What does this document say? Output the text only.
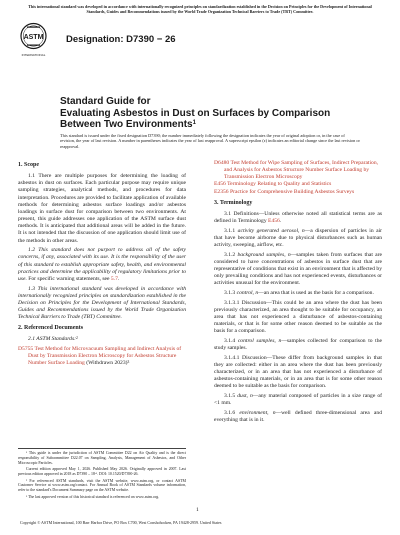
This international standard was developed in accordance with internationally recognized principles on standardization established in the Decision on Principles for the Development of International Standards, Guides and Recommendations issued by the World Trade Organization Technical Barriers to Trade (TBT) Committee.
ASTM
INTERNATIONAL
Designation: D7390 − 26
Standard Guide for
Evaluating Asbestos in Dust on Surfaces by Comparison
Between Two Environments$^1$
This standard is issued under the fixed designation D7390; the number immediately following the designation indicates the year of original adoption or, in the case of revision, the year of last revision. A number in parentheses indicates the year of last reapproval. A superscript epsilon (ε) indicates an editorial change since the last revision or reapproval.
1. Scope

1.1 There are multiple purposes for determining the loading of asbestos in dust on surfaces. Each particular purpose may require unique sampling strategies, analytical methods, and procedures for data interpretation. Procedures are provided to facilitate application of available methods for determining asbestos surface loadings and/or asbestos loadings in surface dust for comparison between two environments. At present, this guide addresses one application of the ASTM surface dust methods. It is anticipated that additional areas will be added in the future. It is not intended that the discussion of one application should limit use of the methods in other areas.

1.2 This standard does not purport to address all of the safety concerns, if any, associated with its use. It is the responsibility of the user of this standard to establish appropriate safety, health, and environmental practices and determine the applicability of regulatory limitations prior to use. For specific warning statements, see 5.7.

1.3 This international standard was developed in accordance with internationally recognized principles on standardization established in the Decision on Principles for the Development of International Standards, Guides and Recommendations issued by the World Trade Organization Technical Barriers to Trade (TBT) Committee.

2. Referenced Documents

2.1 ASTM Standards:$^2$

D5755 Test Method for Microvacuum Sampling and Indirect Analysis of Dust by Transmission Electron Microscopy for Asbestos Structure Number Surface Loading (Withdrawn 2023)$^3$

D6480 Test Method for Wipe Sampling of Surfaces, Indirect Preparation, and Analysis for Asbestos Structure Number Surface Loading by Transmission Electron Microscopy

E456 Terminology Relating to Quality and Statistics

E2356 Practice for Comprehensive Building Asbestos Surveys

3. Terminology

3.1 Definitions—Unless otherwise noted all statistical terms are as defined in Terminology E456.

3.1.1 activity generated aerosol, n—a dispersion of particles in air that have become airborne due to physical disturbances such as human activity, sweeping, airflow, etc.

3.1.2 background samples, n—samples taken from surfaces that are considered to have concentrations of asbestos in surface dust that are representative of conditions that exist in an environment that is affected by only prevailing conditions and has not experienced events, disturbances or activities unusual for the environment.

3.1.3 control, n—an area that is used as the basis for a comparison.

3.1.3.1 Discussion—This could be an area where the dust has been previously characterized, an area thought to be suitable for occupancy, an area that has not experienced a disturbance of asbestos-containing materials, or that is for some other reason deemed to be suitable as the basis for a comparison.

3.1.4 control samples, n—samples collected for comparison to the study samples.

3.1.4.1 Discussion—These differ from background samples in that they are collected: either in an area where the dust has been previously characterized, or in an area that has not experienced a disturbance of asbestos-containing materials, or in an area that is for some other reason deemed to be suitable as the basis for comparison.

3.1.5 dust, n—any material composed of particles in a size range of <1 mm.

3.1.6 environment, n—well defined three-dimensional area and everything that is in it.

¹ This guide is under the jurisdiction of ASTM Committee D22 on Air Quality and is the direct responsibility of Subcommittee D22.07 on Sampling, Analysis, Management of Asbestos, and Other Microscopic Particles.

Current edition approved May 1, 2026. Published May 2026. Originally approved in 2007. Last previous edition approved in 2018 as D7390 – 18ᵋ¹. DOI: 10.1520/D7390-26.

² For referenced ASTM standards, visit the ASTM website, www.astm.org, or contact ASTM Customer Service at www.astm.org/contact. For Annual Book of ASTM Standards volume information, refer to the standard's Document Summary page on the ASTM website.

³ The last approved version of this historical standard is referenced on www.astm.org.

1
Copyright © ASTM International, 100 Barr Harbor Drive, PO Box C700, West Conshohocken, PA 19428-2959. United States
